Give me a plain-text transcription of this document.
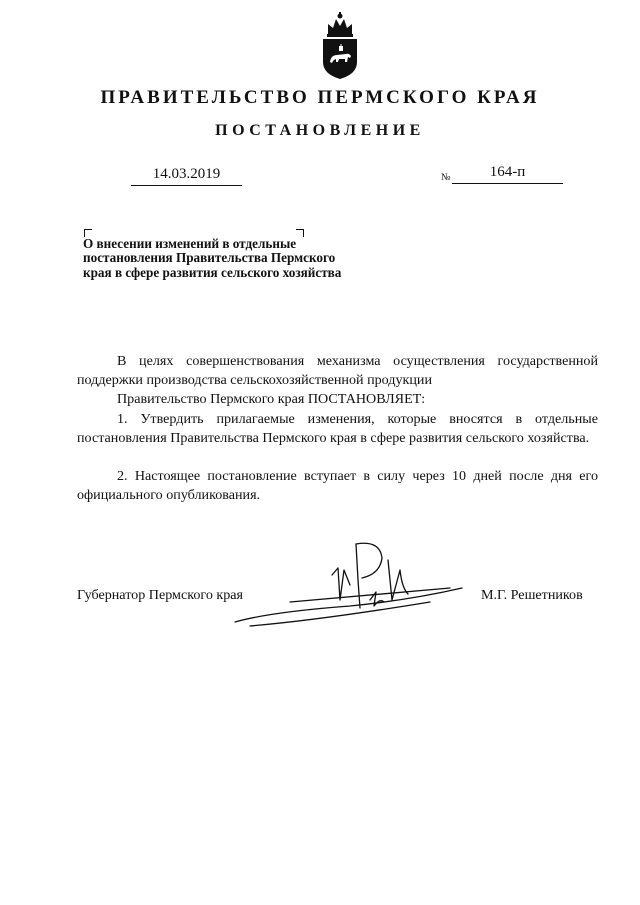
ПРАВИТЕЛЬСТВО ПЕРМСКОГО КРАЯ
ПОСТАНОВЛЕНИЕ
14.03.2019	№	164-п
О внесении изменений в отдельные постановления Правительства Пермского края в сфере развития сельского хозяйства
В целях совершенствования механизма осуществления государственной поддержки производства сельскохозяйственной продукции
Правительство Пермского края ПОСТАНОВЛЯЕТ:
1. Утвердить прилагаемые изменения, которые вносятся в отдельные постановления Правительства Пермского края в сфере развития сельского хозяйства.
2. Настоящее постановление вступает в силу через 10 дней после дня его официального опубликования.
Губернатор Пермского края	М.Г. Решетников
